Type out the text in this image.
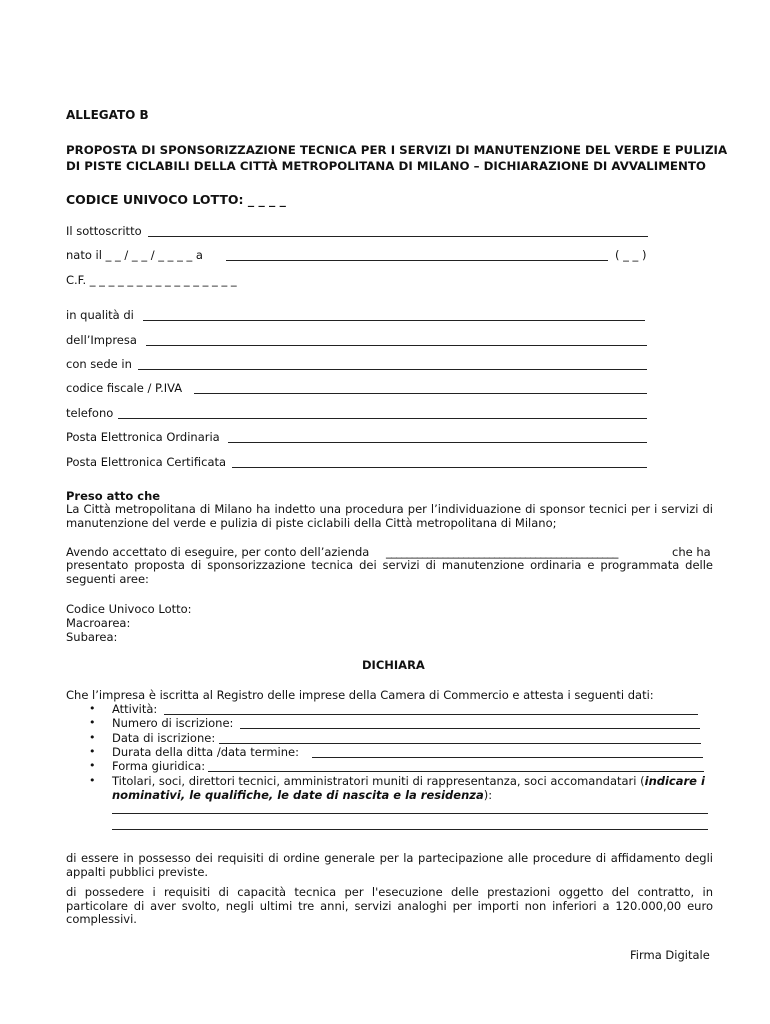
ALLEGATO B
PROPOSTA DI SPONSORIZZAZIONE TECNICA PER I SERVIZI DI MANUTENZIONE DEL VERDE E PULIZIA
DI PISTE CICLABILI DELLA CITTÀ METROPOLITANA DI MILANO – DICHIARAZIONE DI AVVALIMENTO
CODICE UNIVOCO LOTTO: _ _ _ _
Il sottoscritto
nato il _ _ / _ _ / _ _ _ _ a	( _ _ )
C.F. _ _ _ _ _ _ _ _ _ _ _ _ _ _ _ _
in qualità di
dell’Impresa
con sede in
codice fiscale / P.IVA
telefono
Posta Elettronica Ordinaria
Posta Elettronica Certificata
Preso atto che
La Città metropolitana di Milano ha indetto una procedura per l’individuazione di sponsor tecnici per i servizi di manutenzione del verde e pulizia di piste ciclabili della Città metropolitana di Milano;
Avendo accettato di eseguire, per conto dell’azienda _____________________________________________	che ha
presentato proposta di sponsorizzazione tecnica dei servizi di manutenzione ordinaria e programmata delle seguenti aree:
Codice Univoco Lotto:
Macroarea:
Subarea:
DICHIARA
Che l’impresa è iscritta al Registro delle imprese della Camera di Commercio e attesta i seguenti dati:
• Attività:
• Numero di iscrizione:
• Data di iscrizione:
• Durata della ditta /data termine:
• Forma giuridica:
• Titolari, soci, direttori tecnici, amministratori muniti di rappresentanza, soci accomandatari (indicare i nominativi, le qualifiche, le date di nascita e la residenza):
di essere in possesso dei requisiti di ordine generale per la partecipazione alle procedure di affidamento degli appalti pubblici previste.
di possedere i requisiti di capacità tecnica per l'esecuzione delle prestazioni oggetto del contratto, in particolare di aver svolto, negli ultimi tre anni, servizi analoghi per importi non inferiori a 120.000,00 euro complessivi.
Firma Digitale
